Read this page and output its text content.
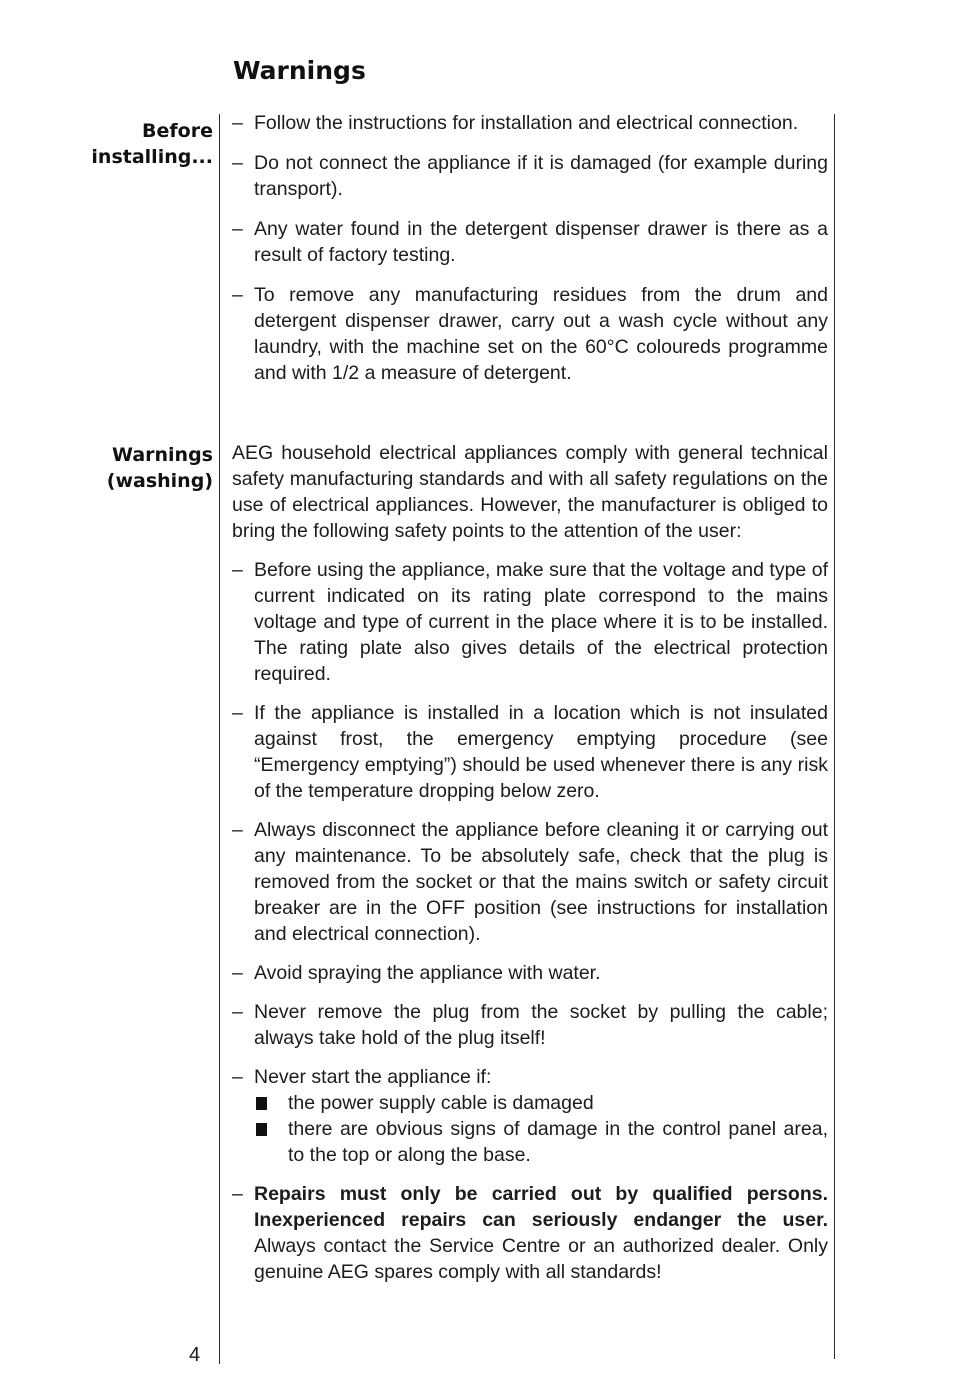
Warnings
Before
installing...

– Follow the instructions for installation and electrical connection.

– Do not connect the appliance if it is damaged (for example during transport).

– Any water found in the detergent dispenser drawer is there as a result of factory testing.

– To remove any manufacturing residues from the drum and detergent dispenser drawer, carry out a wash cycle without any laundry, with the machine set on the 60°C coloureds programme and with 1/2 a measure of detergent.

Warnings
(washing)

AEG household electrical appliances comply with general technical safety manufacturing standards and with all safety regulations on the use of electrical appliances. However, the manufacturer is obliged to bring the following safety points to the attention of the user:

– Before using the appliance, make sure that the voltage and type of current indicated on its rating plate correspond to the mains voltage and type of current in the place where it is to be installed. The rating plate also gives details of the electrical protection required.

– If the appliance is installed in a location which is not insulated against frost, the emergency emptying procedure (see “Emergency emptying”) should be used whenever there is any risk of the temperature dropping below zero.

– Always disconnect the appliance before cleaning it or carrying out any maintenance. To be absolutely safe, check that the plug is removed from the socket or that the mains switch or safety circuit breaker are in the OFF position (see instructions for installation and electrical connection).

– Avoid spraying the appliance with water.

– Never remove the plug from the socket by pulling the cable; always take hold of the plug itself!

– Never start the appliance if:
the power supply cable is damaged
there are obvious signs of damage in the control panel area, to the top or along the base.
– Repairs must only be carried out by qualified persons. Inexperienced repairs can seriously endanger the user. Always contact the Service Centre or an authorized dealer. Only genuine AEG spares comply with all standards!
4
